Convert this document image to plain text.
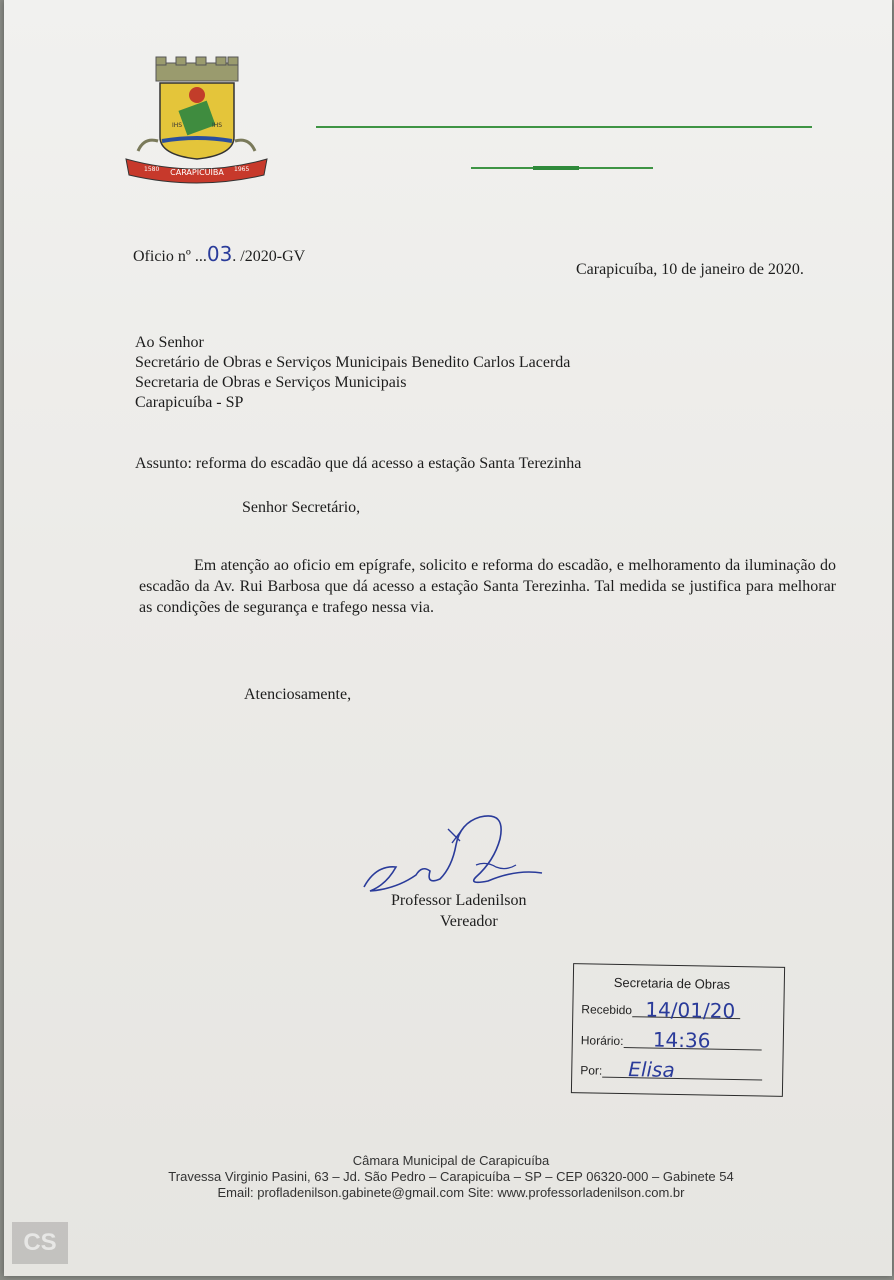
IHS	IHS
CARAPICUÍBA
1580	1965
Oficio nº ...03. /2020-GV
Carapicuíba, 10 de janeiro de 2020.
Ao Senhor
Secretário de Obras e Serviços Municipais Benedito Carlos Lacerda
Secretaria de Obras e Serviços Municipais
Carapicuíba - SP
Assunto: reforma do escadão que dá acesso a estação Santa Terezinha
Senhor Secretário,
Em atenção ao oficio em epígrafe, solicito e reforma do escadão, e melhoramento da iluminação do escadão da Av. Rui Barbosa que dá acesso a estação Santa Terezinha. Tal medida se justifica para melhorar as condições de segurança e trafego nessa via.
Atenciosamente,
Professor Ladenilson
Vereador
Secretaria de Obras
Recebido 14/01/20
Horário:	14:36
Por:	Elisa
Câmara Municipal de Carapicuíba
Travessa Virginio Pasini, 63 – Jd. São Pedro – Carapicuíba – SP – CEP 06320-000 – Gabinete 54
Email: profladenilson.gabinete@gmail.com Site: www.professorladenilson.com.br
CS
